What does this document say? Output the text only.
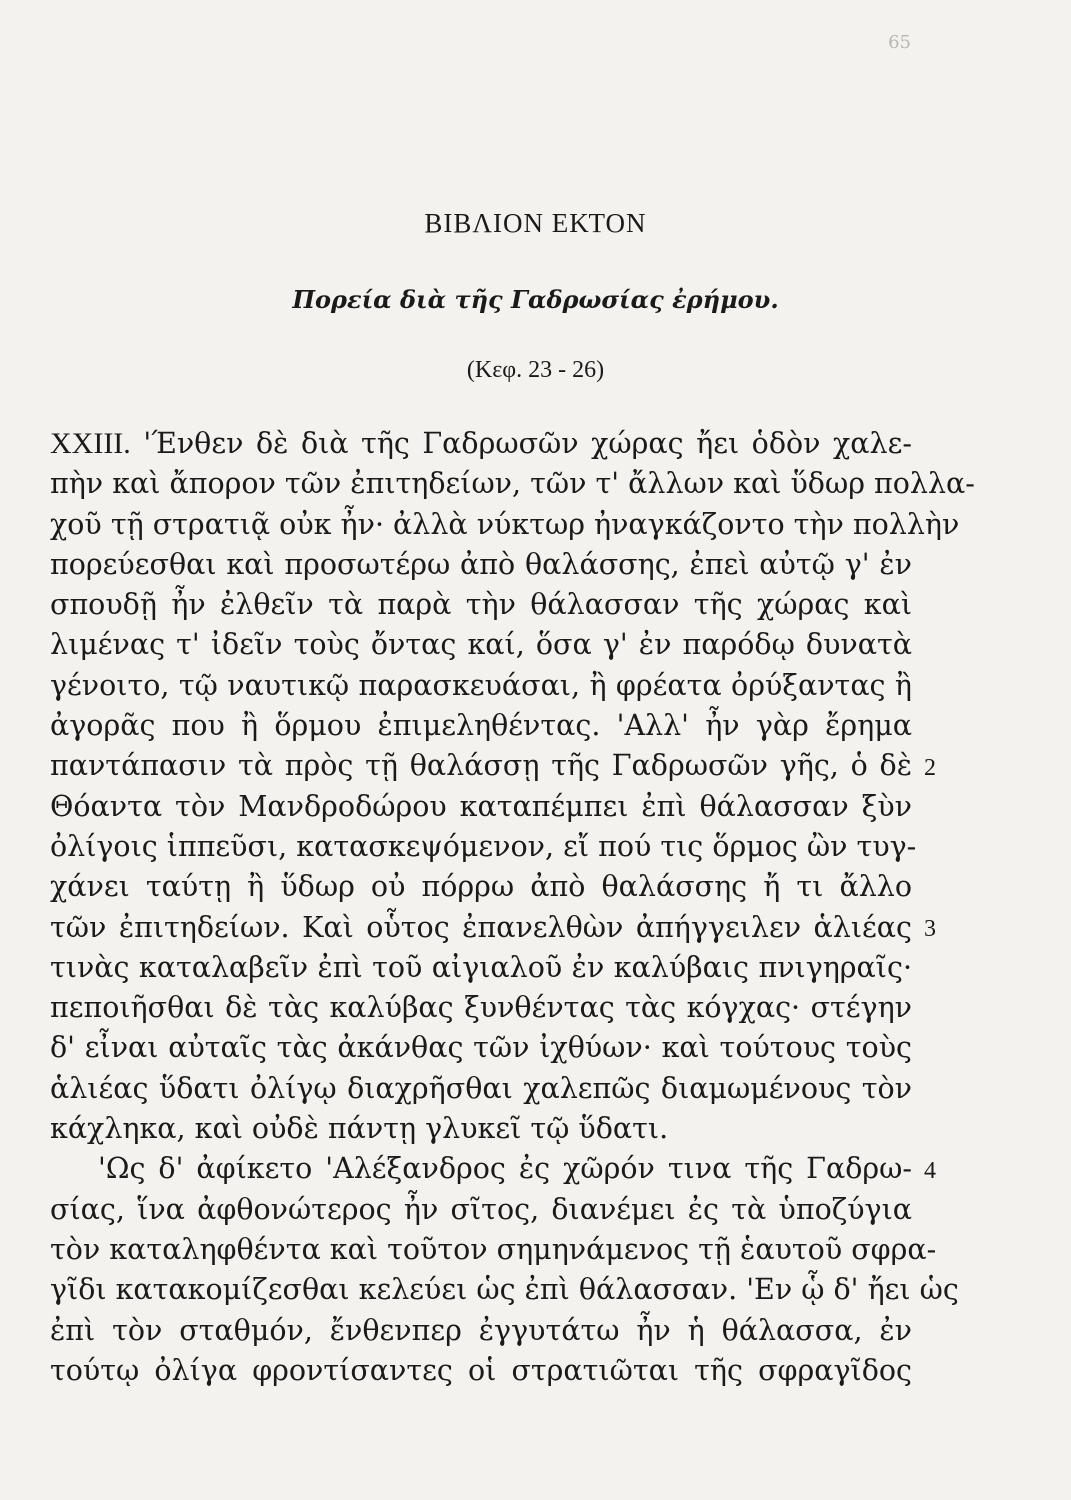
65
ΒΙΒΛΙΟΝ ΕΚΤΟΝ
Πορεία διὰ τῆς Γαδρωσίας ἐρήμου.
(Κεφ. 23 - 26)
XXIII. 'Ένθεν δὲ διὰ τῆς Γαδρωσῶν χώρας ἤει ὁδὸν χαλε-
πὴν καὶ ἄπορον τῶν ἐπιτηδείων, τῶν τ' ἄλλων καὶ ὕδωρ πολλα-
χοῦ τῇ στρατιᾷ οὐκ ἦν· ἀλλὰ νύκτωρ ἠναγκάζοντο τὴν πολλὴν
πορεύεσθαι καὶ προσωτέρω ἀπὸ θαλάσσης, ἐπεὶ αὐτῷ γ' ἐν
σπουδῇ ἦν ἐλθεῖν τὰ παρὰ τὴν θάλασσαν τῆς χώρας καὶ
λιμένας τ' ἰδεῖν τοὺς ὄντας καί, ὅσα γ' ἐν παρόδῳ δυνατὰ
γένοιτο, τῷ ναυτικῷ παρασκευάσαι, ἢ φρέατα ὀρύξαντας ἢ
ἀγορᾶς που ἢ ὅρμου ἐπιμεληθέντας. 'Αλλ' ἦν γὰρ ἔρημα
παντάπασιν τὰ πρὸς τῇ θαλάσσῃ τῆς Γαδρωσῶν γῆς, ὁ δὲ
Θόαντα τὸν Μανδροδώρου καταπέμπει ἐπὶ θάλασσαν ξὺν
ὀλίγοις ἱππεῦσι, κατασκεψόμενον, εἴ πού τις ὅρμος ὢν τυγ-
χάνει ταύτῃ ἢ ὕδωρ οὐ πόρρω ἀπὸ θαλάσσης ἤ τι ἄλλο
τῶν ἐπιτηδείων. Καὶ οὗτος ἐπανελθὼν ἀπήγγειλεν ἁλιέας
τινὰς καταλαβεῖν ἐπὶ τοῦ αἰγιαλοῦ ἐν καλύβαις πνιγηραῖς·
πεποιῆσθαι δὲ τὰς καλύβας ξυνθέντας τὰς κόγχας· στέγην
δ' εἶναι αὐταῖς τὰς ἀκάνθας τῶν ἰχθύων· καὶ τούτους τοὺς
ἁλιέας ὕδατι ὀλίγῳ διαχρῆσθαι χαλεπῶς διαμωμένους τὸν
κάχληκα, καὶ οὐδὲ πάντῃ γλυκεῖ τῷ ὕδατι.
'Ως δ' ἀφίκετο 'Αλέξανδρος ἐς χῶρόν τινα τῆς Γαδρω-
σίας, ἵνα ἀφθονώτερος ἦν σῖτος, διανέμει ἐς τὰ ὑποζύγια
τὸν καταληφθέντα καὶ τοῦτον σημηνάμενος τῇ ἑαυτοῦ σφρα-
γῖδι κατακομίζεσθαι κελεύει ὡς ἐπὶ θάλασσαν. 'Εν ᾧ δ' ἤει ὡς
ἐπὶ τὸν σταθμόν, ἔνθενπερ ἐγγυτάτω ἦν ἡ θάλασσα, ἐν
τούτῳ ὀλίγα φροντίσαντες οἱ στρατιῶται τῆς σφραγῖδος
2
3
4
